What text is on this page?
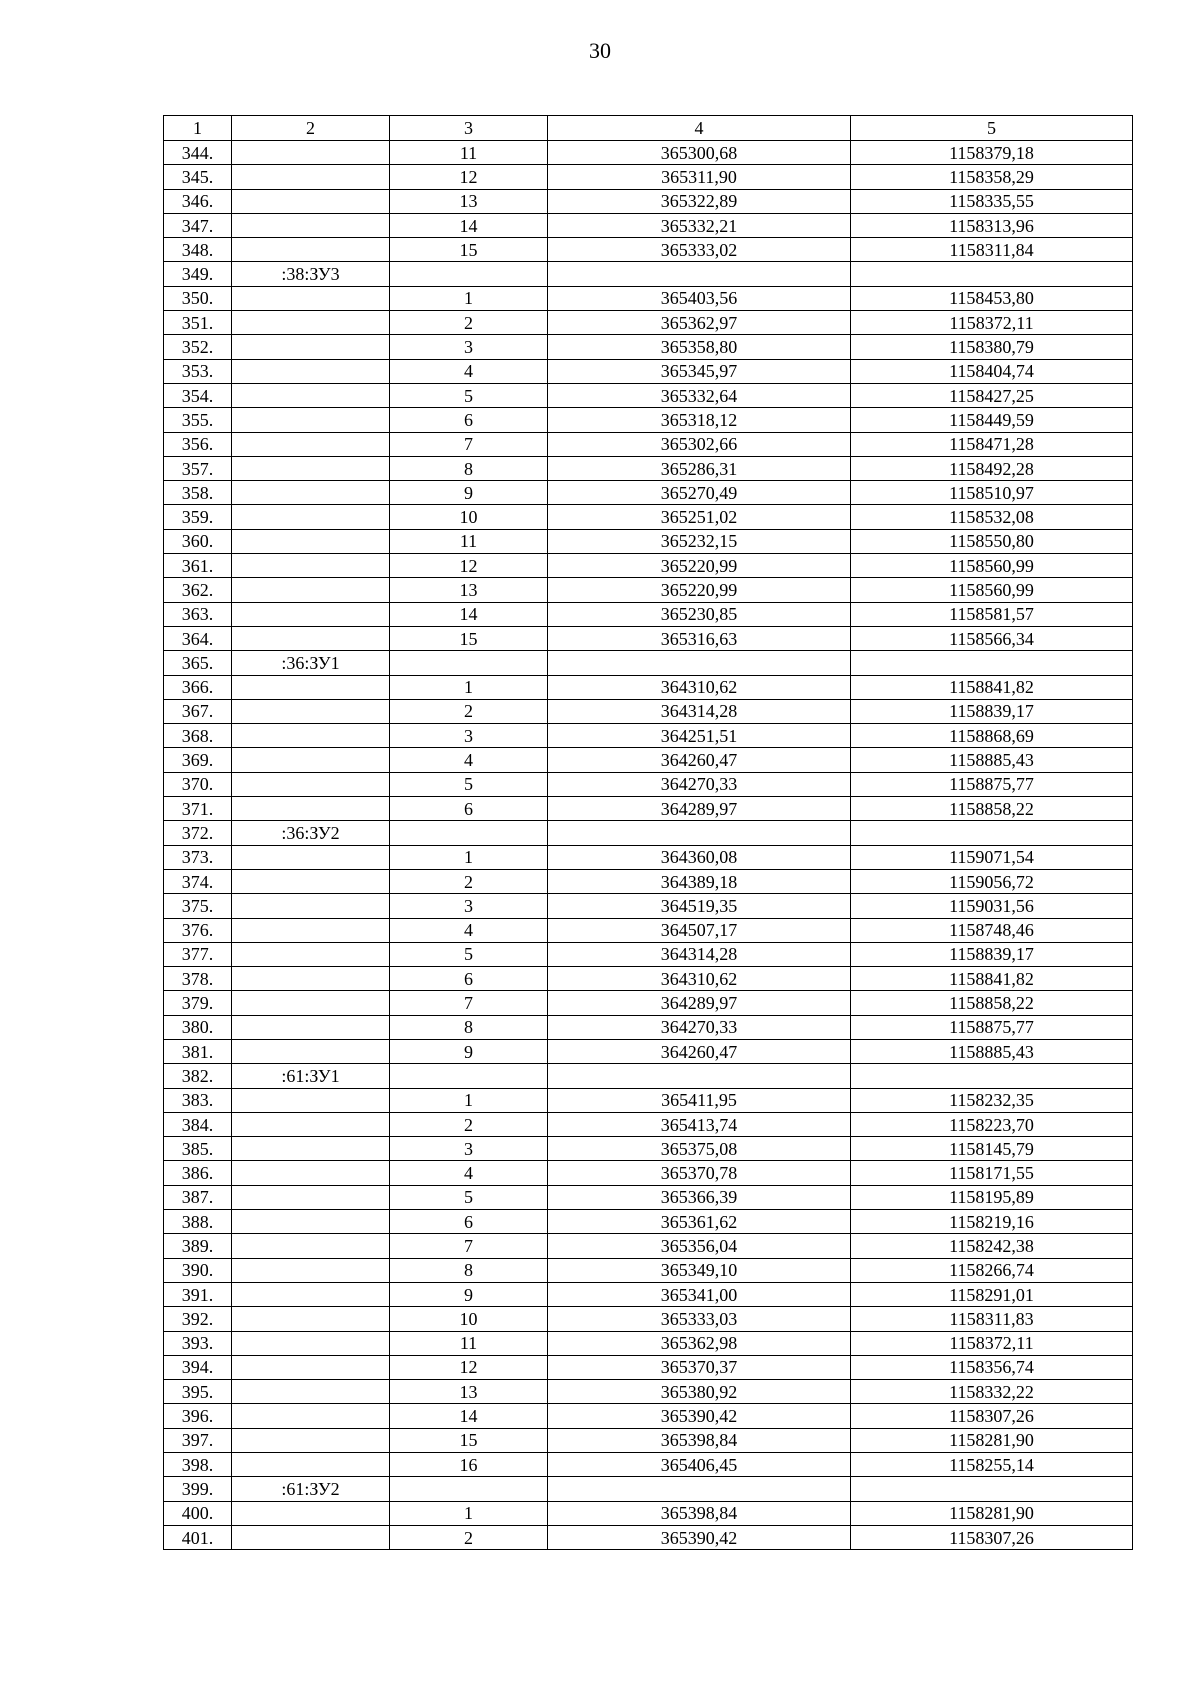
30
1	2	3	4	5
344.		11	365300,68	1158379,18
345.		12	365311,90	1158358,29
346.		13	365322,89	1158335,55
347.		14	365332,21	1158313,96
348.		15	365333,02	1158311,84
349.	:38:ЗУ3			
350.		1	365403,56	1158453,80
351.		2	365362,97	1158372,11
352.		3	365358,80	1158380,79
353.		4	365345,97	1158404,74
354.		5	365332,64	1158427,25
355.		6	365318,12	1158449,59
356.		7	365302,66	1158471,28
357.		8	365286,31	1158492,28
358.		9	365270,49	1158510,97
359.		10	365251,02	1158532,08
360.		11	365232,15	1158550,80
361.		12	365220,99	1158560,99
362.		13	365220,99	1158560,99
363.		14	365230,85	1158581,57
364.		15	365316,63	1158566,34
365.	:36:ЗУ1			
366.		1	364310,62	1158841,82
367.		2	364314,28	1158839,17
368.		3	364251,51	1158868,69
369.		4	364260,47	1158885,43
370.		5	364270,33	1158875,77
371.		6	364289,97	1158858,22
372.	:36:ЗУ2			
373.		1	364360,08	1159071,54
374.		2	364389,18	1159056,72
375.		3	364519,35	1159031,56
376.		4	364507,17	1158748,46
377.		5	364314,28	1158839,17
378.		6	364310,62	1158841,82
379.		7	364289,97	1158858,22
380.		8	364270,33	1158875,77
381.		9	364260,47	1158885,43
382.	:61:ЗУ1			
383.		1	365411,95	1158232,35
384.		2	365413,74	1158223,70
385.		3	365375,08	1158145,79
386.		4	365370,78	1158171,55
387.		5	365366,39	1158195,89
388.		6	365361,62	1158219,16
389.		7	365356,04	1158242,38
390.		8	365349,10	1158266,74
391.		9	365341,00	1158291,01
392.		10	365333,03	1158311,83
393.		11	365362,98	1158372,11
394.		12	365370,37	1158356,74
395.		13	365380,92	1158332,22
396.		14	365390,42	1158307,26
397.		15	365398,84	1158281,90
398.		16	365406,45	1158255,14
399.	:61:ЗУ2			
400.		1	365398,84	1158281,90
401.		2	365390,42	1158307,26
